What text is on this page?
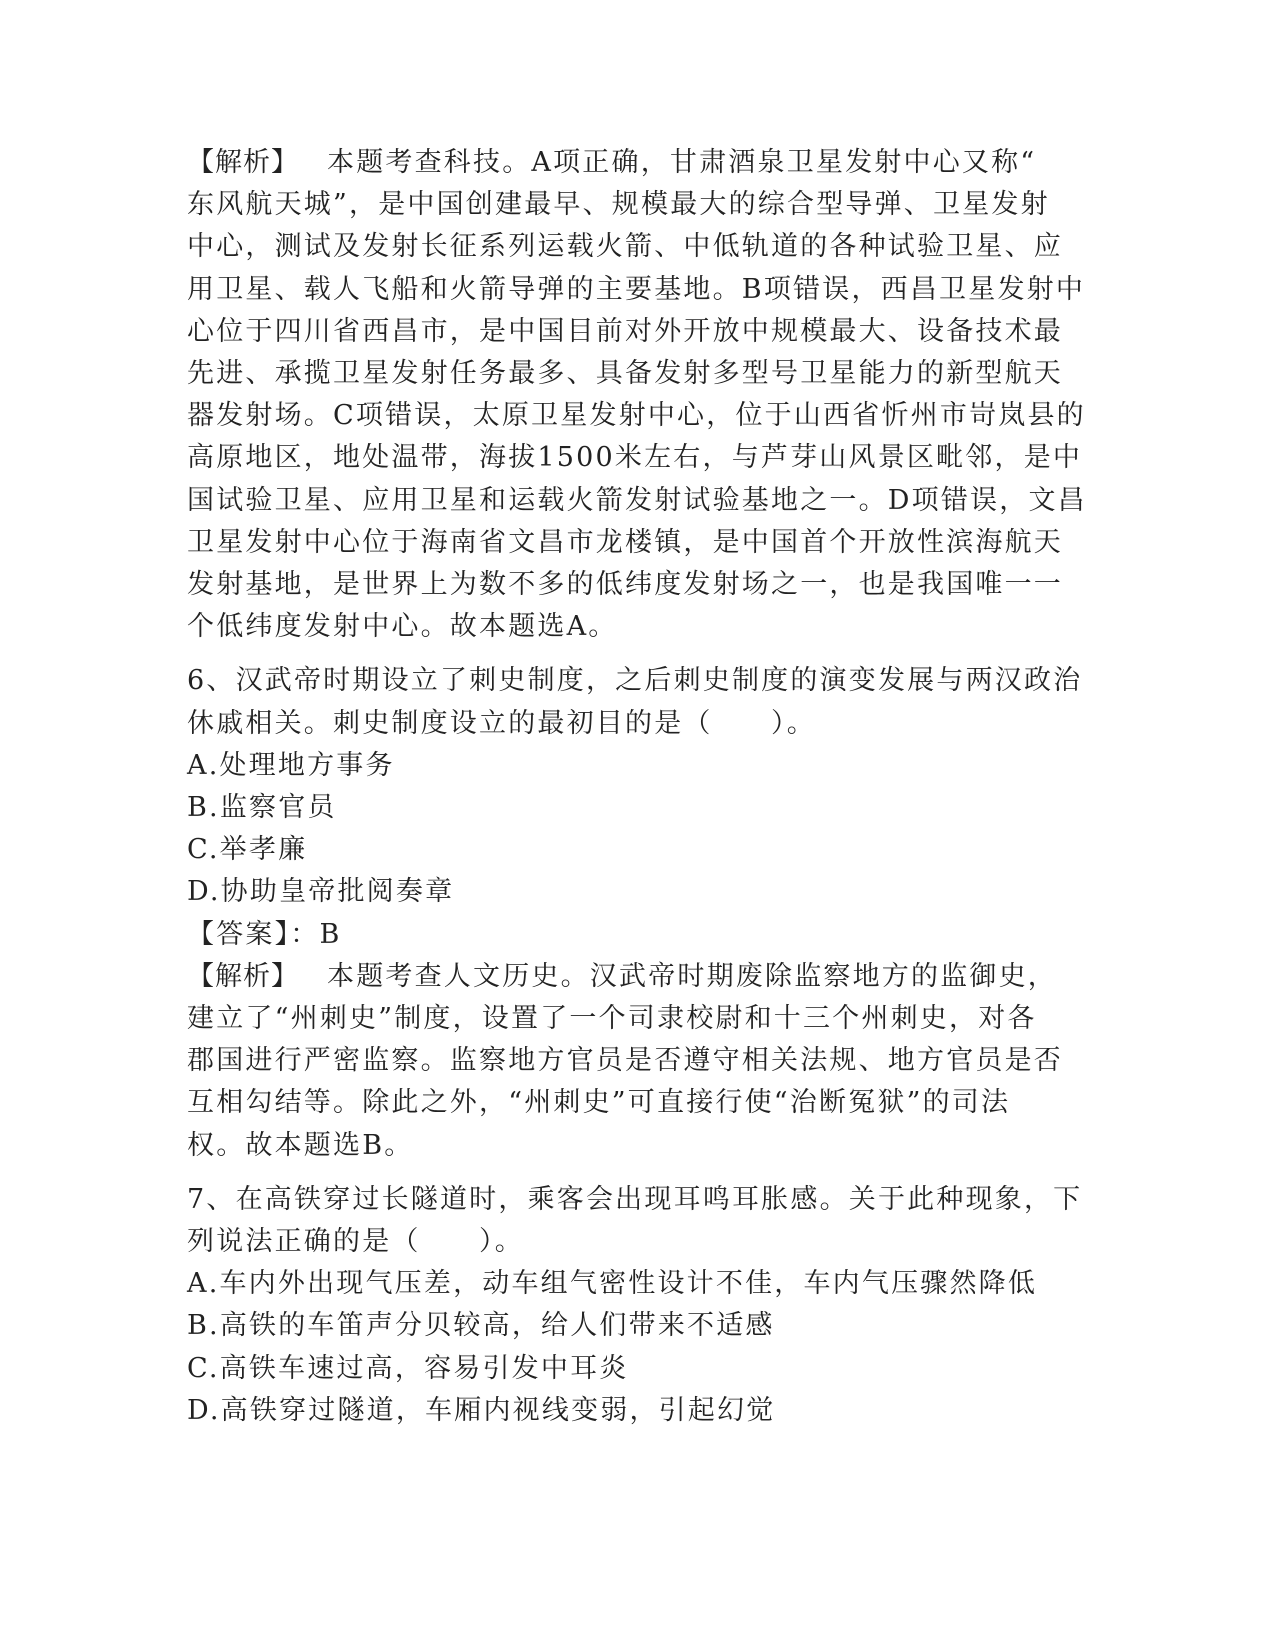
【解析】 本题考查科技。A项正确，甘肃酒泉卫星发射中心又称“
东风航天城”，是中国创建最早、规模最大的综合型导弹、卫星发射
中心，测试及发射长征系列运载火箭、中低轨道的各种试验卫星、应
用卫星、载人飞船和火箭导弹的主要基地。B项错误，西昌卫星发射中
心位于四川省西昌市，是中国目前对外开放中规模最大、设备技术最
先进、承揽卫星发射任务最多、具备发射多型号卫星能力的新型航天
器发射场。C项错误，太原卫星发射中心，位于山西省忻州市岢岚县的
高原地区，地处温带，海拔1500米左右，与芦芽山风景区毗邻，是中
国试验卫星、应用卫星和运载火箭发射试验基地之一。D项错误，文昌
卫星发射中心位于海南省文昌市龙楼镇，是中国首个开放性滨海航天
发射基地，是世界上为数不多的低纬度发射场之一，也是我国唯一一
个低纬度发射中心。故本题选A。
6、汉武帝时期设立了刺史制度，之后刺史制度的演变发展与两汉政治
休戚相关。刺史制度设立的最初目的是（　　）。
A.处理地方事务
B.监察官员
C.举孝廉
D.协助皇帝批阅奏章
【答案】：B
【解析】 本题考查人文历史。汉武帝时期废除监察地方的监御史，
建立了“州刺史”制度，设置了一个司隶校尉和十三个州刺史，对各
郡国进行严密监察。监察地方官员是否遵守相关法规、地方官员是否
互相勾结等。除此之外，“州刺史”可直接行使“治断冤狱”的司法
权。故本题选B。
7、在高铁穿过长隧道时，乘客会出现耳鸣耳胀感。关于此种现象，下
列说法正确的是（　　）。
A.车内外出现气压差，动车组气密性设计不佳，车内气压骤然降低
B.高铁的车笛声分贝较高，给人们带来不适感
C.高铁车速过高，容易引发中耳炎
D.高铁穿过隧道，车厢内视线变弱，引起幻觉
